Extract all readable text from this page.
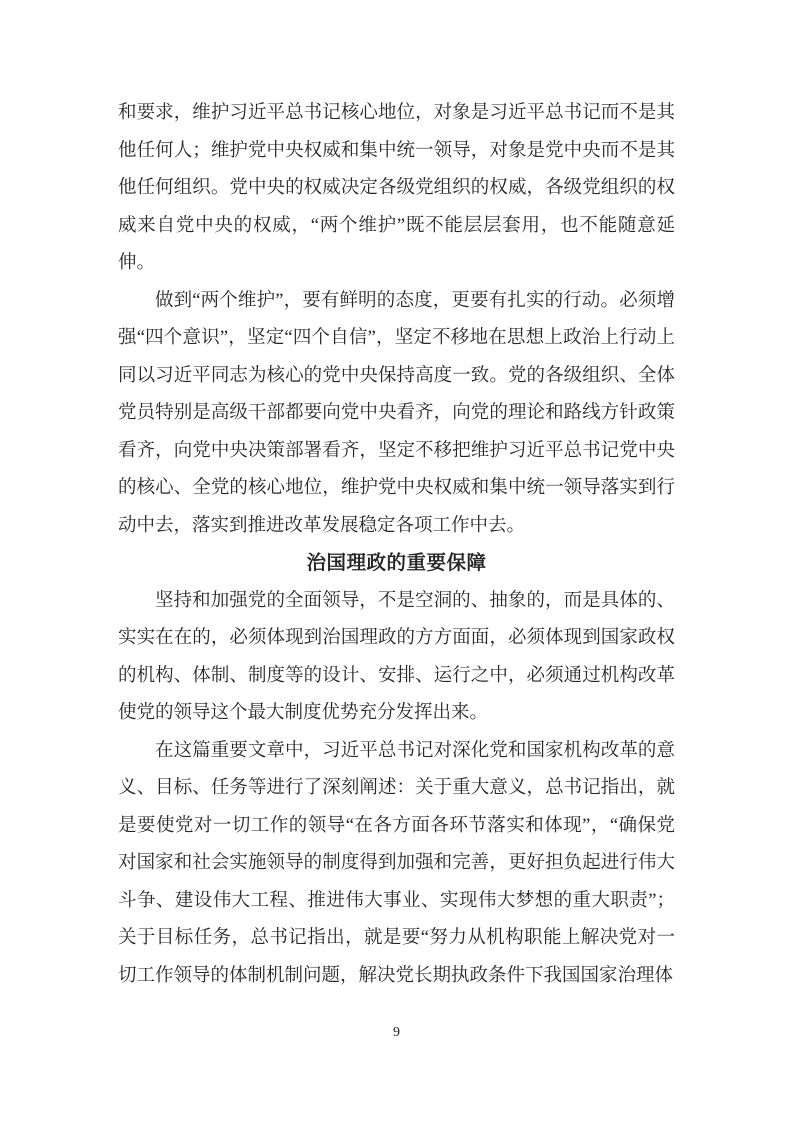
和要求，维护习近平总书记核心地位，对象是习近平总书记而不是其他任何人；维护党中央权威和集中统一领导，对象是党中央而不是其他任何组织。党中央的权威决定各级党组织的权威，各级党组织的权威来自党中央的权威，“两个维护”既不能层层套用，也不能随意延伸。

做到“两个维护”，要有鲜明的态度，更要有扎实的行动。必须增强“四个意识”，坚定“四个自信”，坚定不移地在思想上政治上行动上同以习近平同志为核心的党中央保持高度一致。党的各级组织、全体党员特别是高级干部都要向党中央看齐，向党的理论和路线方针政策看齐，向党中央决策部署看齐，坚定不移把维护习近平总书记党中央的核心、全党的核心地位，维护党中央权威和集中统一领导落实到行动中去，落实到推进改革发展稳定各项工作中去。

治国理政的重要保障

坚持和加强党的全面领导，不是空洞的、抽象的，而是具体的、实实在在的，必须体现到治国理政的方方面面，必须体现到国家政权的机构、体制、制度等的设计、安排、运行之中，必须通过机构改革使党的领导这个最大制度优势充分发挥出来。

在这篇重要文章中，习近平总书记对深化党和国家机构改革的意义、目标、任务等进行了深刻阐述：关于重大意义，总书记指出，就是要使党对一切工作的领导“在各方面各环节落实和体现”，“确保党对国家和社会实施领导的制度得到加强和完善，更好担负起进行伟大斗争、建设伟大工程、推进伟大事业、实现伟大梦想的重大职责”；关于目标任务，总书记指出，就是要“努力从机构职能上解决党对一切工作领导的体制机制问题，解决党长期执政条件下我国国家治理体

9
